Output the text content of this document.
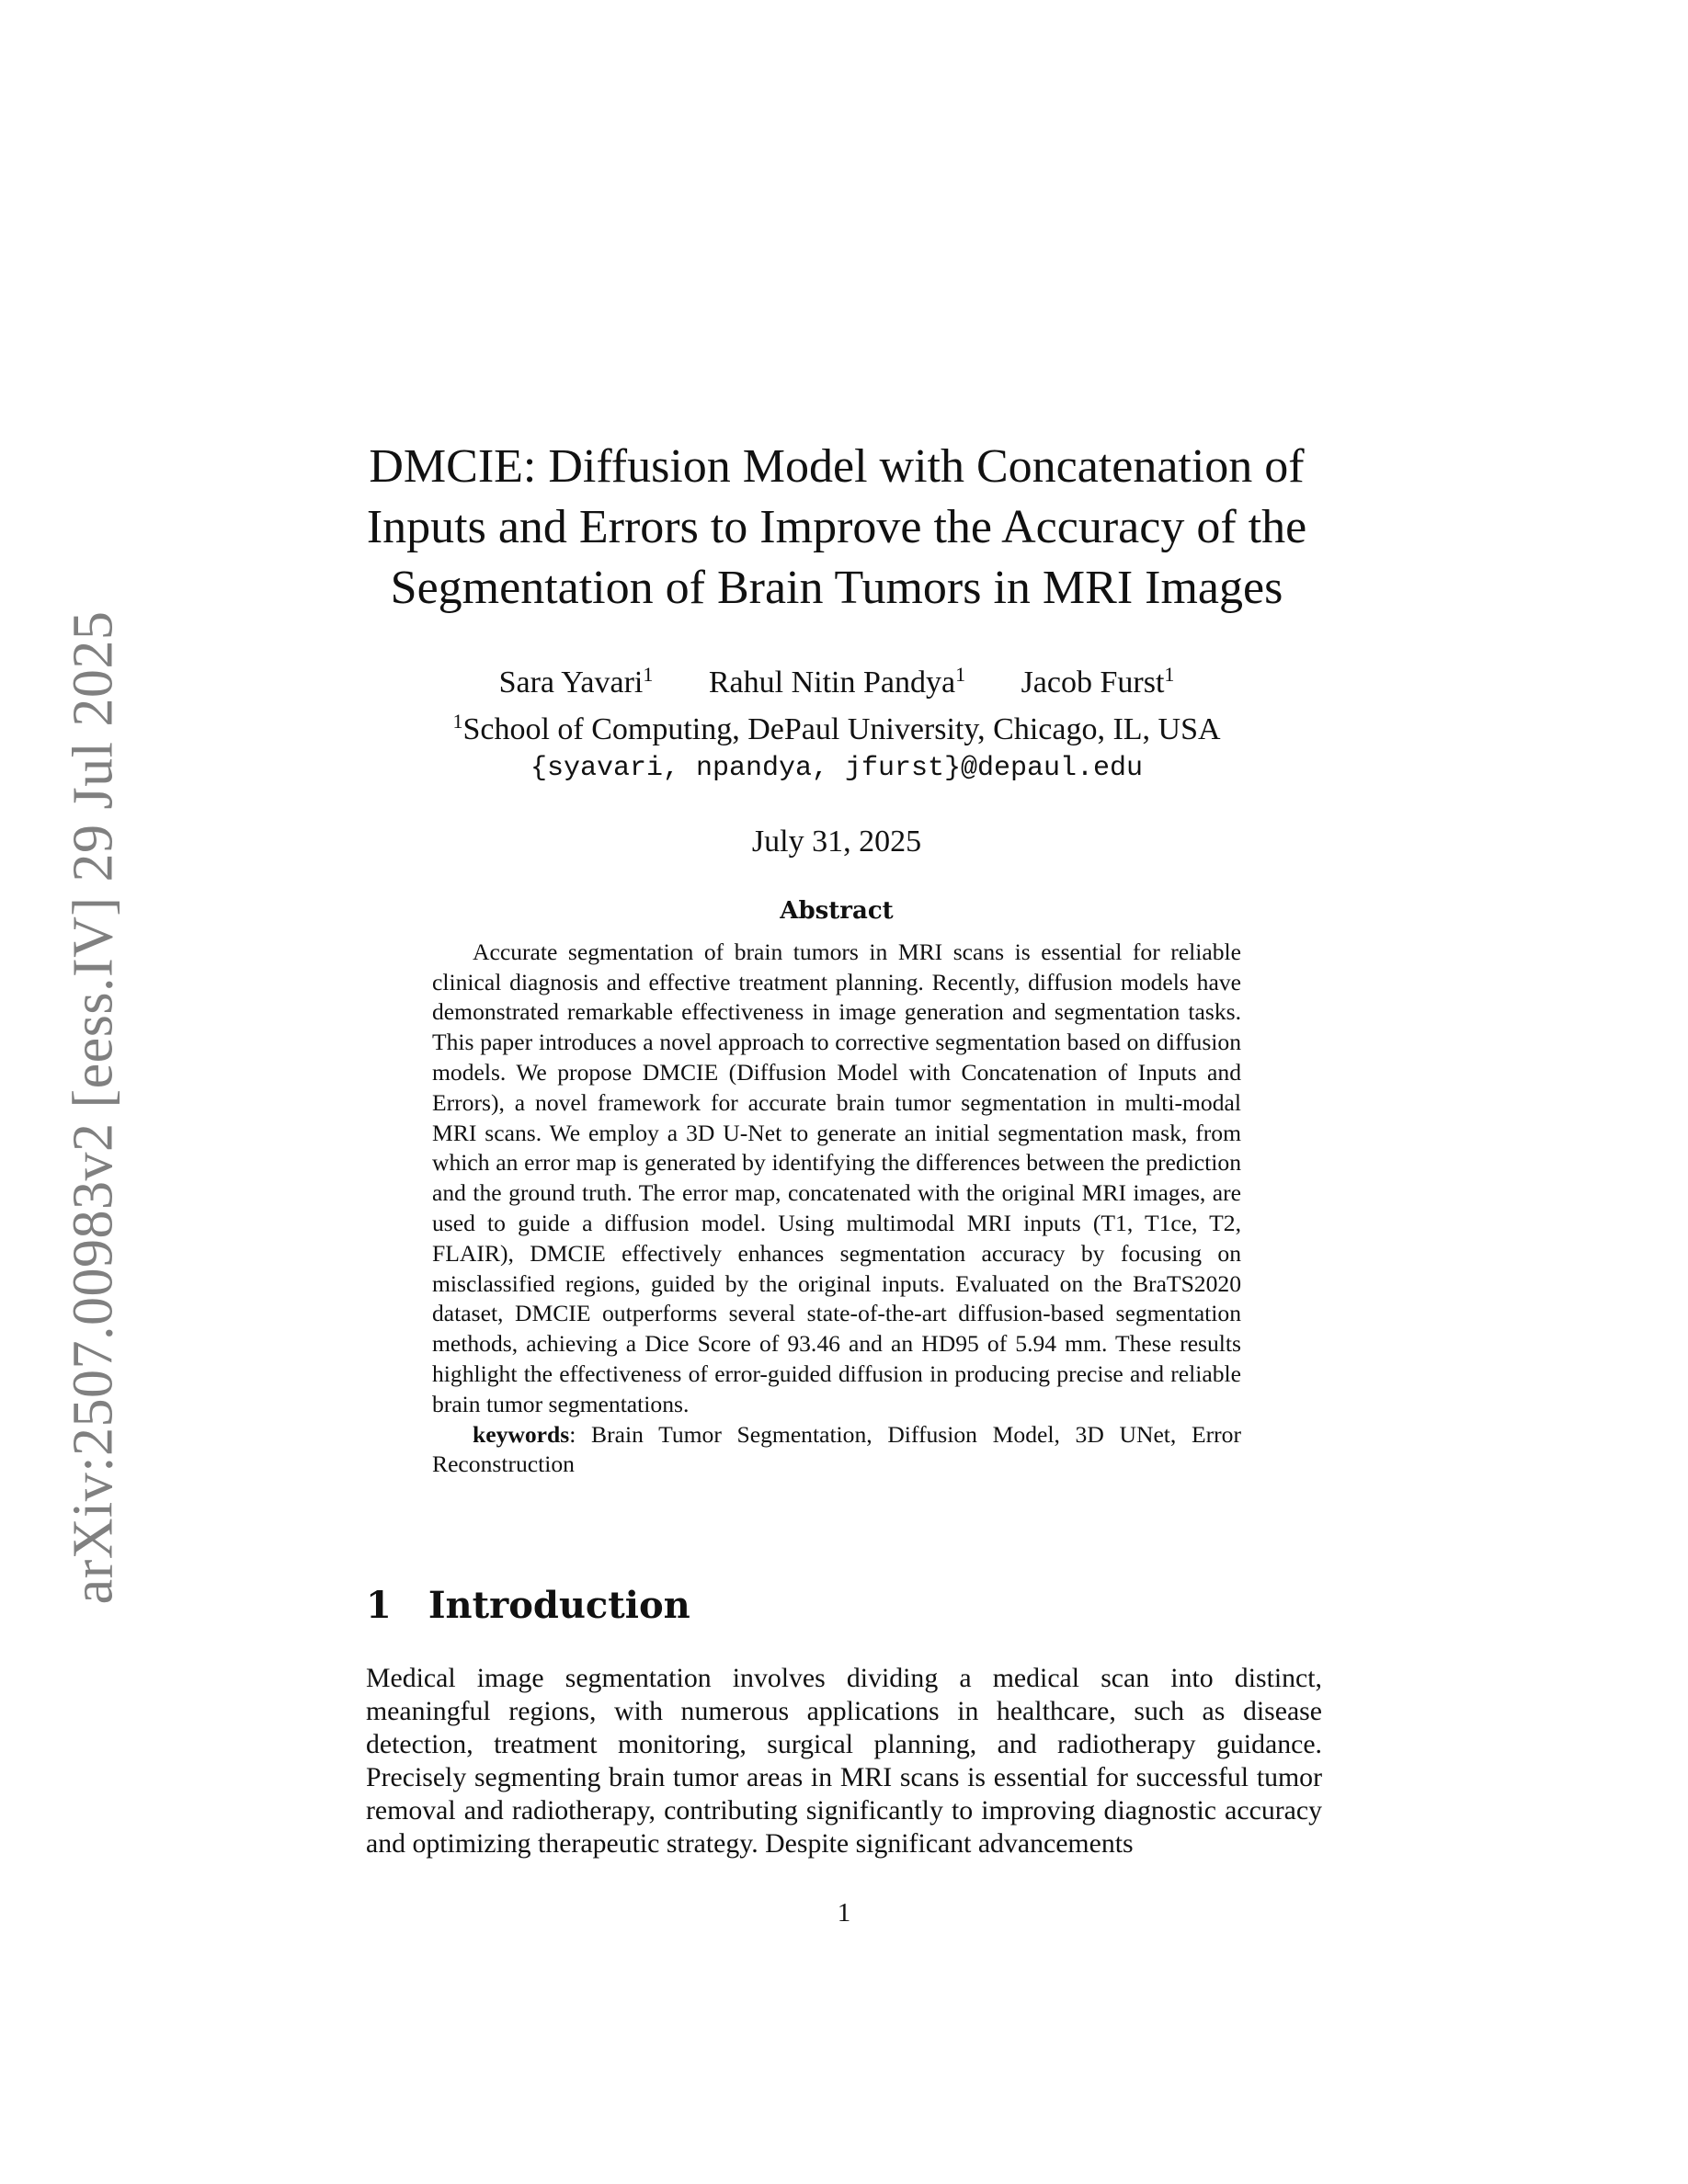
arXiv:2507.00983v2 [eess.IV] 29 Jul 2025
DMCIE: Diffusion Model with Concatenation of
Inputs and Errors to Improve the Accuracy of the
Segmentation of Brain Tumors in MRI Images
Sara Yavari$^1$ Rahul Nitin Pandya$^1$ Jacob Furst$^1$
$^1$School of Computing, DePaul University, Chicago, IL, USA
{syavari, npandya, jfurst}@depaul.edu
July 31, 2025
Abstract

Accurate segmentation of brain tumors in MRI scans is essential for reliable clinical diagnosis and effective treatment planning. Recently, diffusion models have demonstrated remarkable effectiveness in image generation and segmentation tasks. This paper introduces a novel approach to corrective segmentation based on diffusion models. We propose DMCIE (Diffusion Model with Concatenation of Inputs and Errors), a novel framework for accurate brain tumor segmentation in multi-modal MRI scans. We employ a 3D U-Net to generate an initial segmentation mask, from which an error map is generated by identifying the differences between the prediction and the ground truth. The error map, concatenated with the original MRI images, are used to guide a diffusion model. Using multimodal MRI inputs (T1, T1ce, T2, FLAIR), DMCIE effectively enhances segmentation accuracy by focusing on misclassified regions, guided by the original inputs. Evaluated on the BraTS2020 dataset, DMCIE outperforms several state-of-the-art diffusion-based segmentation methods, achieving a Dice Score of 93.46 and an HD95 of 5.94 mm. These results highlight the effectiveness of error-guided diffusion in producing precise and reliable brain tumor segmentations.

keywords: Brain Tumor Segmentation, Diffusion Model, 3D UNet, Error Reconstruction

1 Introduction

Medical image segmentation involves dividing a medical scan into distinct, meaningful regions, with numerous applications in healthcare, such as disease detection, treatment monitoring, surgical planning, and radiotherapy guidance. Precisely segmenting brain tumor areas in MRI scans is essential for successful tumor removal and radiotherapy, contributing significantly to improving diagnostic accuracy and optimizing therapeutic strategy. Despite significant advancements

1
